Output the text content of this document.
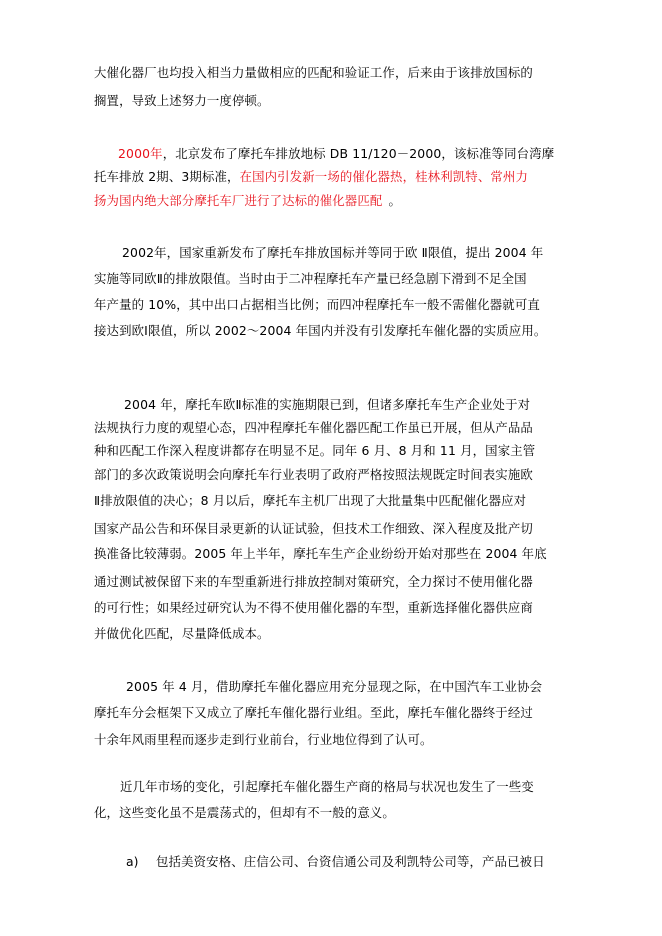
大催化器厂也均投入相当力量做相应的匹配和验证工作，后来由于该排放国标的
搁置，导致上述努力一度停顿。
2000年，北京发布了摩托车排放地标 DB 11/120－2000，该标准等同台湾摩
托车排放 2期、3期标准，在国内引发新一场的催化器热，桂林利凯特、常州力
扬为国内绝大部分摩托车厂进行了达标的催化器匹配 。
2002年，国家重新发布了摩托车排放国标并等同于欧 Ⅱ限值，提出 2004 年
实施等同欧Ⅱ的排放限值。当时由于二冲程摩托车产量已经急剧下滑到不足全国
年产量的 10%，其中出口占据相当比例；而四冲程摩托车一般不需催化器就可直
接达到欧Ⅰ限值，所以 2002～2004 年国内并没有引发摩托车催化器的实质应用。
2004 年，摩托车欧Ⅱ标准的实施期限已到，但诸多摩托车生产企业处于对
法规执行力度的观望心态，四冲程摩托车催化器匹配工作虽已开展，但从产品品
种和匹配工作深入程度讲都存在明显不足。同年 6 月、8 月和 11 月，国家主管
部门的多次政策说明会向摩托车行业表明了政府严格按照法规既定时间表实施欧
Ⅱ排放限值的决心；8 月以后，摩托车主机厂出现了大批量集中匹配催化器应对
国家产品公告和环保目录更新的认证试验，但技术工作细致、深入程度及批产切
换准备比较薄弱。2005 年上半年，摩托车生产企业纷纷开始对那些在 2004 年底
通过测试被保留下来的车型重新进行排放控制对策研究，全力探讨不使用催化器
的可行性；如果经过研究认为不得不使用催化器的车型，重新选择催化器供应商
并做优化匹配，尽量降低成本。
2005 年 4 月，借助摩托车催化器应用充分显现之际，在中国汽车工业协会
摩托车分会框架下又成立了摩托车催化器行业组。至此，摩托车催化器终于经过
十余年风雨里程而逐步走到行业前台，行业地位得到了认可。
近几年市场的变化，引起摩托车催化器生产商的格局与状况也发生了一些变
化，这些变化虽不是震荡式的，但却有不一般的意义。
a) 包括美资安格、庄信公司、台资信通公司及利凯特公司等，产品已被日
